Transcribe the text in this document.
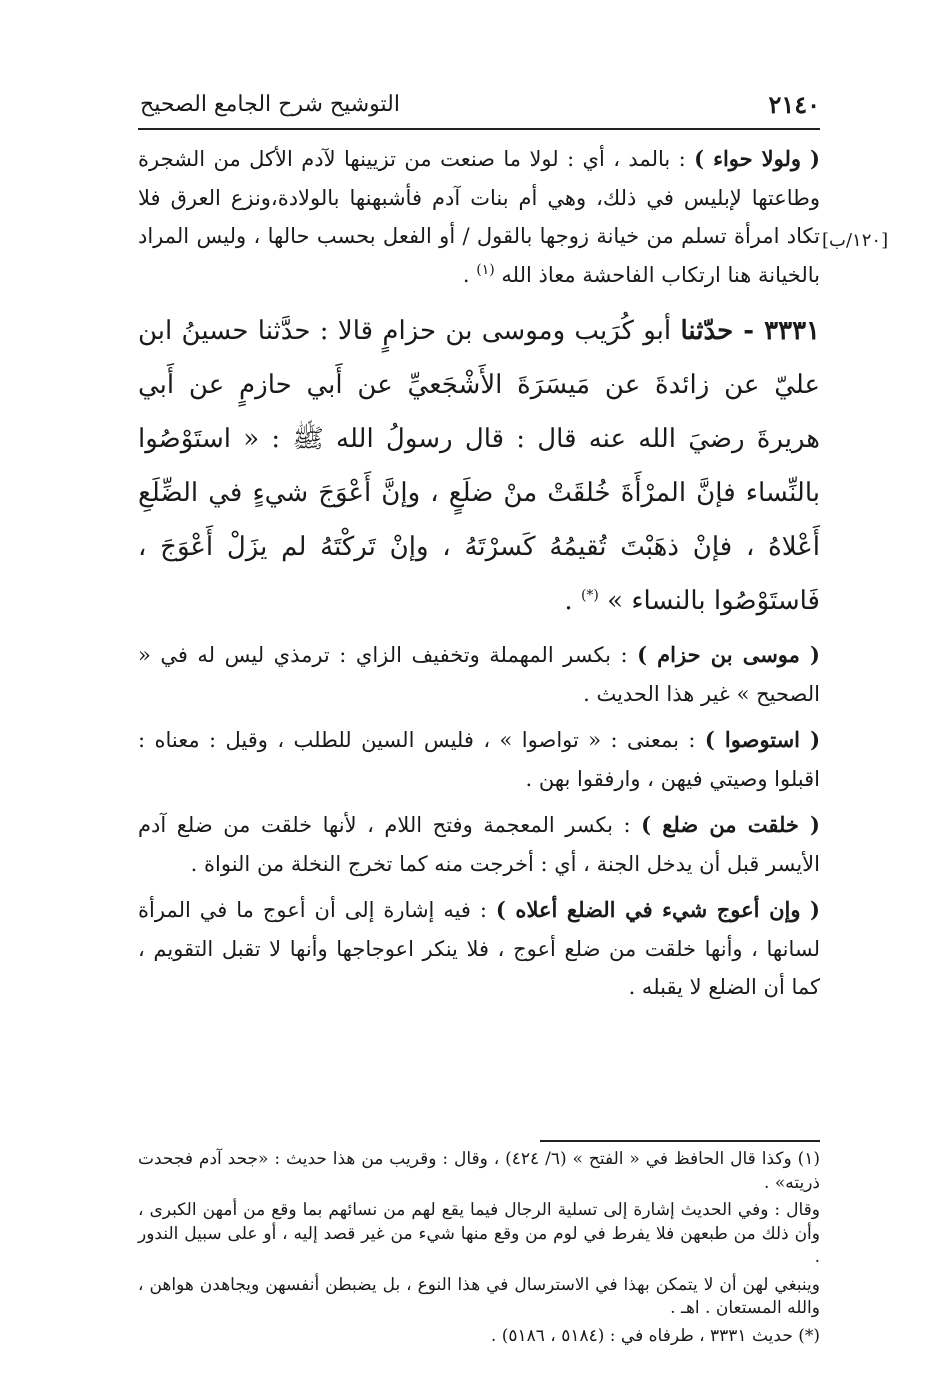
٢١٤٠
التوشيح شرح الجامع الصحيح

( ولولا حواء ) : بالمد ، أي : لولا ما صنعت من تزيينها لآدم الأكل من الشجرة وطاعتها لإبليس في ذلك، وهي أم بنات آدم فأشبهنها بالولادة،ونزع العرق فلا تكاد امرأة تسلم من خيانة زوجها بالقول / أو الفعل بحسب حالها ، وليس المراد بالخيانة هنا ارتكاب الفاحشة معاذ الله $^{(١)}$ .

٣٣٣١ - حدّثنا أبو كُرَيب وموسى بن حزامٍ قالا : حدَّثنا حسينُ ابن عليّ عن زائدةَ عن مَيسَرَةَ الأَشْجَعيِّ عن أَبي حازمٍ عن أَبي هريرةَ رضيَ الله عنه قال : قال رسولُ الله ﷺ : « استَوْصُوا بالنِّساء فإنَّ المرْأَةَ خُلقَتْ منْ ضلَعٍ ، وإنَّ أَعْوَجَ شيءٍ في الضِّلَعِ أَعْلاهُ ، فإنْ ذهَبْتَ تُقيمُهُ كَسرْتَهُ ، وإنْ تَركْتَهُ لم يزَلْ أَعْوَجَ ، فَاستَوْصُوا بالنساء » (*) .

( موسى بن حزام ) : بكسر المهملة وتخفيف الزاي : ترمذي ليس له في « الصحيح » غير هذا الحديث .

( استوصوا ) : بمعنى : « تواصوا » ، فليس السين للطلب ، وقيل : معناه : اقبلوا وصيتي فيهن ، وارفقوا بهن .

( خلقت من ضلع ) : بكسر المعجمة وفتح اللام ، لأنها خلقت من ضلع آدم الأيسر قبل أن يدخل الجنة ، أي : أخرجت منه كما تخرج النخلة من النواة .

( وإن أعوج شيء في الضلع أعلاه ) : فيه إشارة إلى أن أعوج ما في المرأة لسانها ، وأنها خلقت من ضلع أعوج ، فلا ينكر اعوجاجها وأنها لا تقبل التقويم ، كما أن الضلع لا يقبله .

(١) وكذا قال الحافظ في « الفتح » (٦/ ٤٢٤) ، وقال : وقريب من هذا حديث : «جحد آدم فجحدت ذريته» .

وقال : وفي الحديث إشارة إلى تسلية الرجال فيما يقع لهم من نسائهم بما وقع من أمهن الكبرى ، وأن ذلك من طبعهن فلا يفرط في لوم من وقع منها شيء من غير قصد إليه ، أو على سبيل الندور .

وينبغي لهن أن لا يتمكن بهذا في الاسترسال في هذا النوع ، بل يضبطن أنفسهن ويجاهدن هواهن ، والله المستعان . اهـ .

(*) حديث ٣٣٣١ ، طرفاه في : (٥١٨٤ ، ٥١٨٦) .

[١٢٠/ب]
